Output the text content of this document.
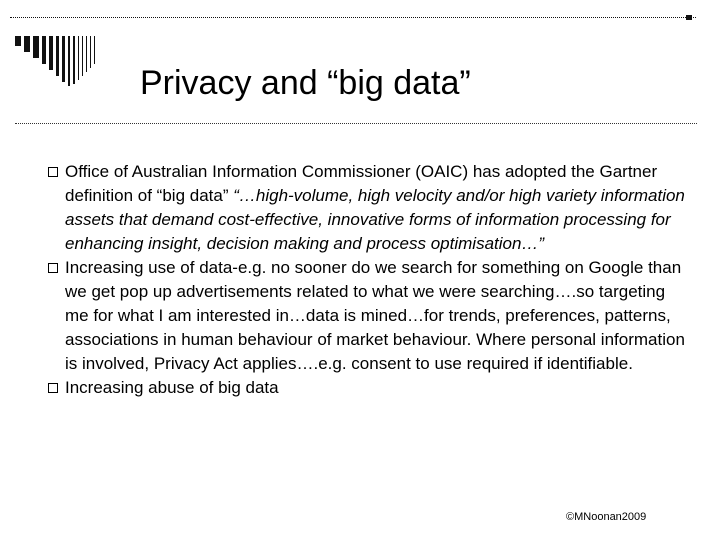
Privacy and “big data”
Office of Australian Information Commissioner (OAIC) has adopted the Gartner definition of “big data” “…high-volume, high velocity and/or high variety information assets that demand cost-effective, innovative forms of information processing for enhancing insight, decision making and process optimisation…”
Increasing use of data-e.g. no sooner do we search for something on Google than we get pop up advertisements related to what we were searching….so targeting me for what I am interested in…data is mined…for trends, preferences, patterns, associations in human behaviour of market behaviour. Where personal information is involved, Privacy Act applies….e.g. consent to use required if identifiable.
Increasing abuse of big data
©MNoonan2009
